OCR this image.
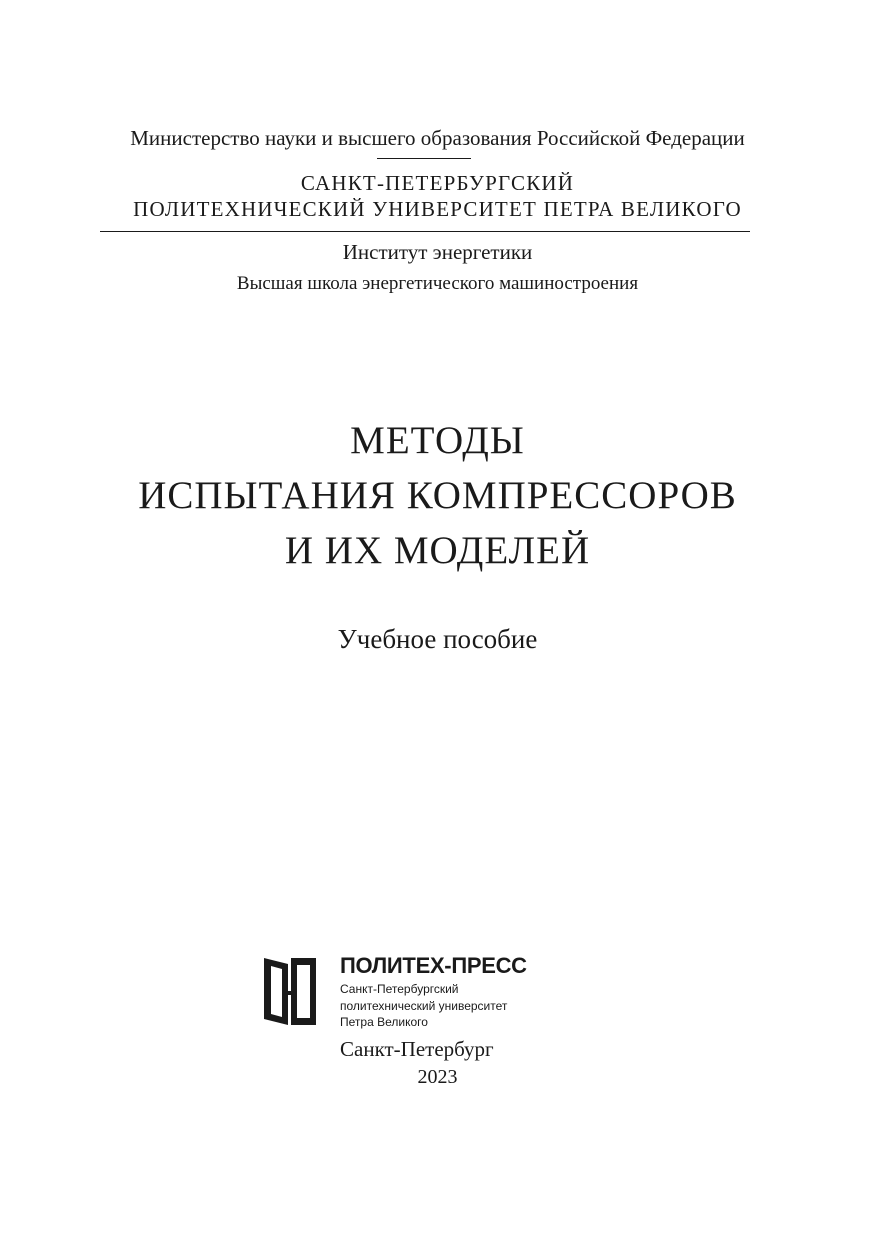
Министерство науки и высшего образования Российской Федерации
САНКТ-ПЕТЕРБУРГСКИЙ
ПОЛИТЕХНИЧЕСКИЙ УНИВЕРСИТЕТ ПЕТРА ВЕЛИКОГО
Институт энергетики
Высшая школа энергетического машиностроения
МЕТОДЫ
ИСПЫТАНИЯ КОМПРЕССОРОВ
И ИХ МОДЕЛЕЙ
Учебное пособие
ПОЛИТЕХ-ПРЕСС
Санкт-Петербургский
политехнический университет
Петра Великого
Санкт-Петербург
2023
